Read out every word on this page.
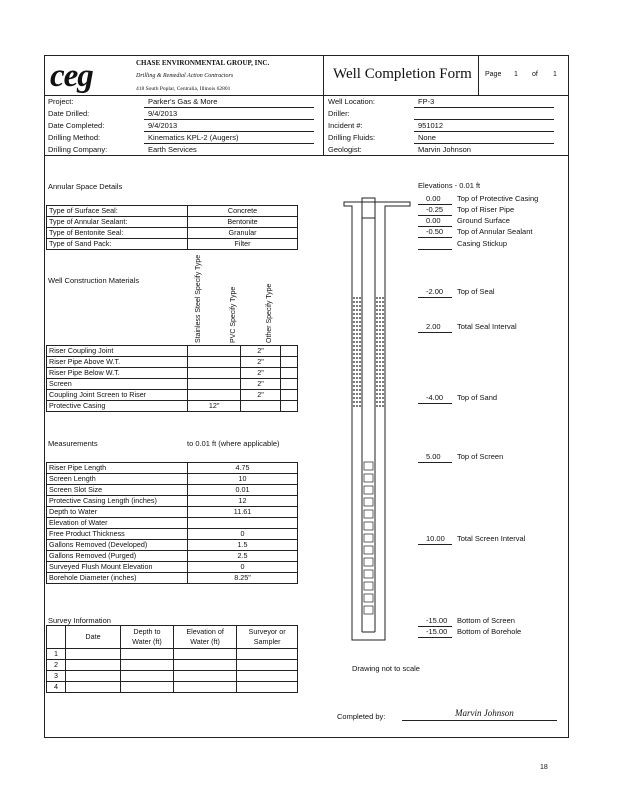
ceg	CHASE ENVIRONMENTAL GROUP, INC.
Drilling & Remedial Action Contractors
418 South Poplar, Centralia, Illinois 62801
Well Completion Form Page 1 of 1
Project:	Parker's Gas & More
Date Drilled:	9/4/2013
Date Completed:	9/4/2013
Drilling Method:	Kinematics KPL-2 (Augers)
Drilling Company:	Earth Services
Well Location:	FP-3
Driller:
Incident #:	951012
Drilling Fluids:	None
Geologist:	Marvin Johnson
Annular Space Details
Type of Surface Seal:	Concrete
Type of Annular Sealant:	Bentonite
Type of Bentonite Seal:	Granular
Type of Sand Pack:	Filter
Well Construction Materials	Stainless Steel Specify Type	PVC Specify Type	Other Specify Type
Riser Coupling Joint		2"	
Riser Pipe Above W.T.		2"	
Riser Pipe Below W.T.		2"	
Screen		2"	
Coupling Joint Screen to Riser		2"	
Protective Casing	12"		
Measurements	to 0.01 ft (where applicable)
Riser Pipe Length	4.75
Screen Length	10
Screen Slot Size	0.01
Protective Casing Length (inches)	12
Depth to Water	11.61
Elevation of Water	
Free Product Thickness	0
Gallons Removed (Developed)	1.5
Gallons Removed (Purged)	2.5
Surveyed Flush Mount Elevation	0
Borehole Diameter (inches)	8.25"
Survey Information
	Date	Depth to Water (ft)	Elevation of Water (ft)	Surveyor or Sampler
1				
2				
3				
4				
Elevations - 0.01 ft
0.00 Top of Protective Casing
-0.25 Top of Riser Pipe
0.00 Ground Surface
-0.50 Top of Annular Sealant
Casing Stickup
-2.00 Top of Seal
2.00 Total Seal Interval
-4.00 Top of Sand
5.00 Top of Screen
10.00 Total Screen Interval
-15.00 Bottom of Screen
-15.00 Bottom of Borehole
Drawing not to scale
Completed by:	Marvin Johnson
18
